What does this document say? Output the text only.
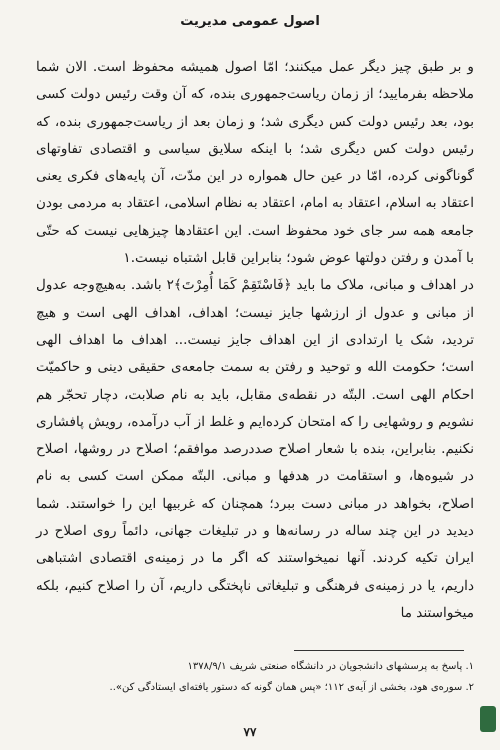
اصول عمومی مدیریت

و بر طبق چیز دیگر عمل میکنند؛ امّا اصول همیشه محفوظ است. الان شما ملاحظه بفرمایید؛ از زمان ریاست‌جمهوری بنده، که آن وقت رئیس دولت کسی بود، بعد رئیس دولت کس دیگری شد؛ و زمان بعد از ریاست‌جمهوری بنده، که رئیس دولت کس دیگری شد؛ با اینکه سلایق سیاسی و اقتصادی تفاوتهای گوناگونی کرده، امّا در عین حال همواره در این مدّت، آن پایه‌های فکری یعنی اعتقاد به اسلام، اعتقاد به امام، اعتقاد به نظام اسلامی، اعتقاد به مردمی بودن جامعه همه سر جای خود محفوظ است. این اعتقادها چیزهایی نیست که حتّی با آمدن و رفتن دولتها عوض شود؛ بنابراین قابل اشتباه نیست.۱

در اهداف و مبانی، ملاک ما باید ﴿فَاسْتَقِمْ كَمَا أُمِرْتَ﴾۲ باشد. به‌هیچ‌وجه عدول از مبانی و عدول از ارزشها جایز نیست؛ اهداف، اهداف الهی است و هیچ تردید، شک یا ارتدادی از این اهداف جایز نیست... اهداف ما اهداف الهی است؛ حکومت الله و توحید و رفتن به سمت جامعه‌ی حقیقی دینی و حاکمیّت احکام الهی است. البتّه در نقطه‌ی مقابل، باید به نام صلابت، دچار تحجّر هم نشویم و روشهایی را که امتحان کرده‌ایم و غلط از آب درآمده، رویش پافشاری نکنیم. بنابراین، بنده با شعار اصلاح صددرصد موافقم؛ اصلاح در روشها، اصلاح در شیوه‌ها، و استقامت در هدفها و مبانی. البتّه ممکن است کسی به نام اصلاح، بخواهد در مبانی دست ببرد؛ همچنان که غربیها این را خواستند. شما دیدید در این چند ساله در رسانه‌ها و در تبلیغات جهانی، دائماً روی اصلاح در ایران تکیه کردند. آنها نمیخواستند که اگر ما در زمینه‌ی اقتصادی اشتباهی داریم، یا در زمینه‌ی فرهنگی و تبلیغاتی ناپختگی داریم، آن را اصلاح کنیم، بلکه میخواستند ما

۱. پاسخ به پرسشهای دانشجویان در دانشگاه صنعتی شریف ۱۳۷۸/۹/۱

۲. سوره‌ی هود، بخشی از آیه‌ی ۱۱۲؛ «پس همان گونه که دستور یافته‌ای ایستادگی کن»..

۷۷
